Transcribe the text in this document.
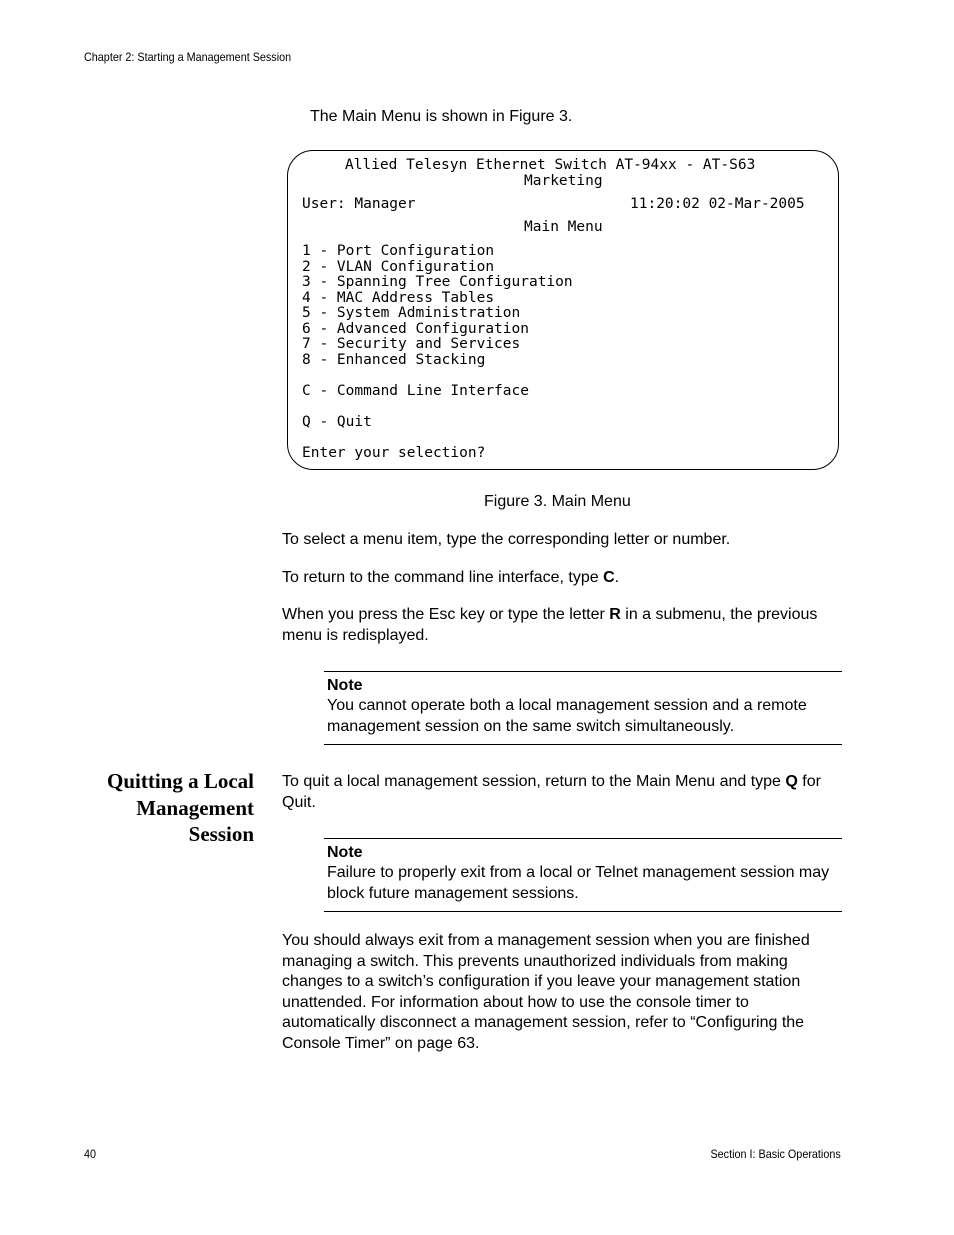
Chapter 2: Starting a Management Session
The Main Menu is shown in Figure 3.
Allied Telesyn Ethernet Switch AT-94xx - AT-S63
Marketing
User: Manager	11:20:02 02-Mar-2005
Main Menu
1 - Port Configuration
2 - VLAN Configuration
3 - Spanning Tree Configuration
4 - MAC Address Tables
5 - System Administration
6 - Advanced Configuration
7 - Security and Services
8 - Enhanced Stacking
C - Command Line Interface
Q - Quit
Enter your selection?
Figure 3. Main Menu
To select a menu item, type the corresponding letter or number.
To return to the command line interface, type C.
When you press the Esc key or type the letter R in a submenu, the previous menu is redisplayed.
Note
You cannot operate both a local management session and a remote management session on the same switch simultaneously.
Quitting a Local
Management
Session
To quit a local management session, return to the Main Menu and type Q for Quit.
Note
Failure to properly exit from a local or Telnet management session may block future management sessions.
You should always exit from a management session when you are finished managing a switch. This prevents unauthorized individuals from making changes to a switch’s configuration if you leave your management station unattended. For information about how to use the console timer to automatically disconnect a management session, refer to “Configuring the Console Timer” on page 63.
40	Section I: Basic Operations
